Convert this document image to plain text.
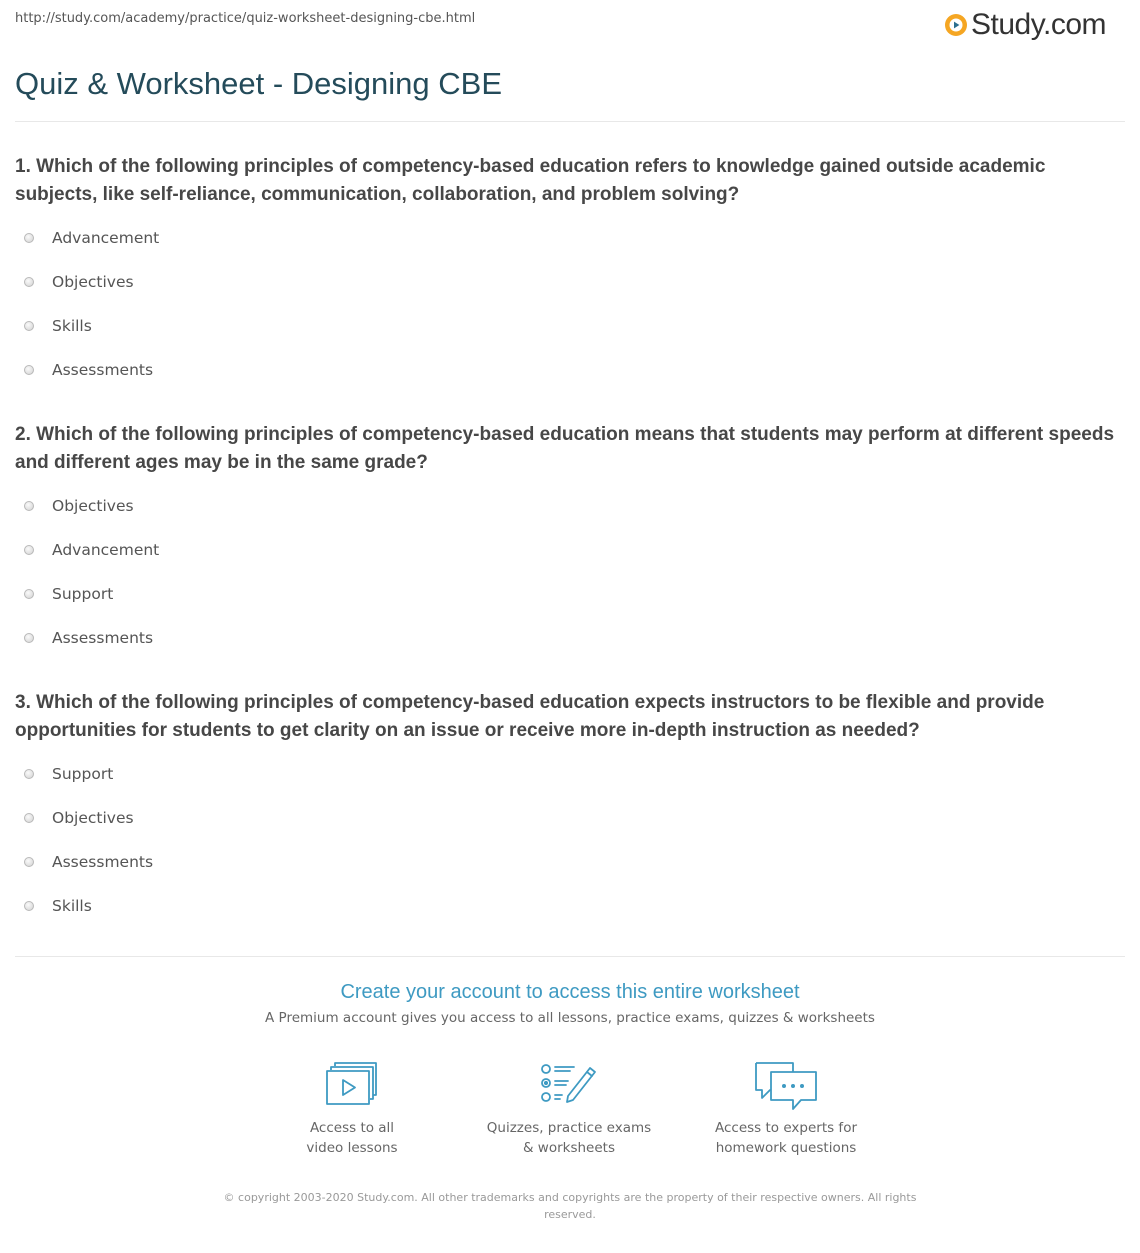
http://study.com/academy/practice/quiz-worksheet-designing-cbe.html	Study.com
Quiz & Worksheet - Designing CBE

1. Which of the following principles of competency-based education refers to knowledge gained outside academic subjects, like self-reliance, communication, collaboration, and problem solving?

Advancement
Objectives
Skills
Assessments

2. Which of the following principles of competency-based education means that students may perform at different speeds and different ages may be in the same grade?

Objectives
Advancement
Support
Assessments

3. Which of the following principles of competency-based education expects instructors to be flexible and provide opportunities for students to get clarity on an issue or receive more in-depth instruction as needed?

Support
Objectives
Assessments
Skills
Create your account to access this entire worksheet
A Premium account gives you access to all lessons, practice exams, quizzes & worksheets
Access to all
video lessons
Quizzes, practice exams
& worksheets
Access to experts for
homework questions
© copyright 2003-2020 Study.com. All other trademarks and copyrights are the property of their respective owners. All rights
reserved.
